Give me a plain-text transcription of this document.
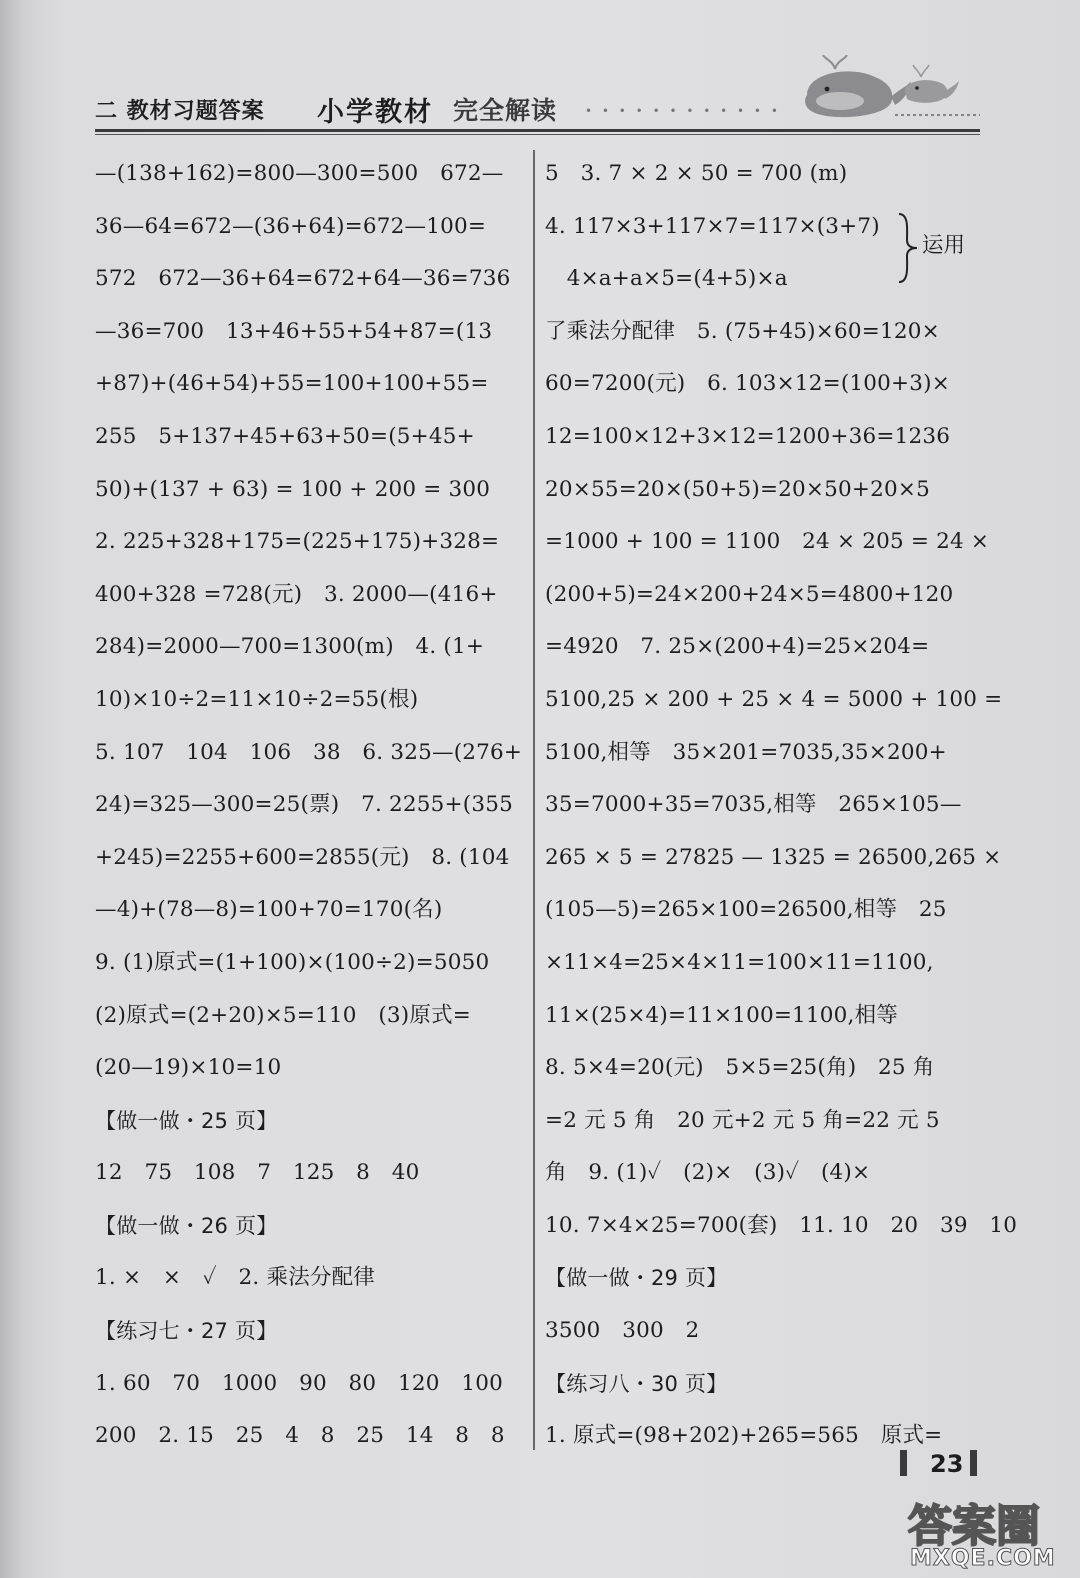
二 教材习题答案 小学教材 完全解读 • • • • • • • • • • • •
—(138+162)=800—300=500　672—
36—64=672—(36+64)=672—100=
572　672—36+64=672+64—36=736
—36=700　13+46+55+54+87=(13
+87)+(46+54)+55=100+100+55=
255　5+137+45+63+50=(5+45+
50)+(137 + 63) = 100 + 200 = 300
2. 225+328+175=(225+175)+328=
400+328 =728(元)　3. 2000—(416+
284)=2000—700=1300(m)　4. (1+
10)×10÷2=11×10÷2=55(根)
5. 107　104　106　38　6. 325—(276+
24)=325—300=25(票)　7. 2255+(355
+245)=2255+600=2855(元)　8. (104
—4)+(78—8)=100+70=170(名)
9. (1)原式=(1+100)×(100÷2)=5050
(2)原式=(2+20)×5=110　(3)原式=
(20—19)×10=10
【做一做・25 页】
12　75　108　7　125　8　40
【做一做・26 页】
1. ×　×　✓　2. 乘法分配律
【练习七・27 页】
1. 60　70　1000　90　80　120　100
200　2. 15　25　4　8　25　14　8　8
5　3. 7 × 2 × 50 = 700 (m)
4. 117×3+117×7=117×(3+7)
　4×a+a×5=(4+5)×a
了乘法分配律　5. (75+45)×60=120×
60=7200(元)　6. 103×12=(100+3)×
12=100×12+3×12=1200+36=1236
20×55=20×(50+5)=20×50+20×5
=1000 + 100 = 1100　24 × 205 = 24 ×
(200+5)=24×200+24×5=4800+120
=4920　7. 25×(200+4)=25×204=
5100,25 × 200 + 25 × 4 = 5000 + 100 =
5100,相等　35×201=7035,35×200+
35=7000+35=7035,相等　265×105—
265 × 5 = 27825 — 1325 = 26500,265 ×
(105—5)=265×100=26500,相等　25
×11×4=25×4×11=100×11=1100,
11×(25×4)=11×100=1100,相等
8. 5×4=20(元)　5×5=25(角)　25 角
=2 元 5 角　20 元+2 元 5 角=22 元 5
角　9. (1)✓　(2)×　(3)✓　(4)×
10. 7×4×25=700(套)　11. 10　20　39　10
【做一做・29 页】
3500　300　2
【练习八・30 页】
1. 原式=(98+202)+265=565　原式=
运用
23
答案圈
MXQE.COM
